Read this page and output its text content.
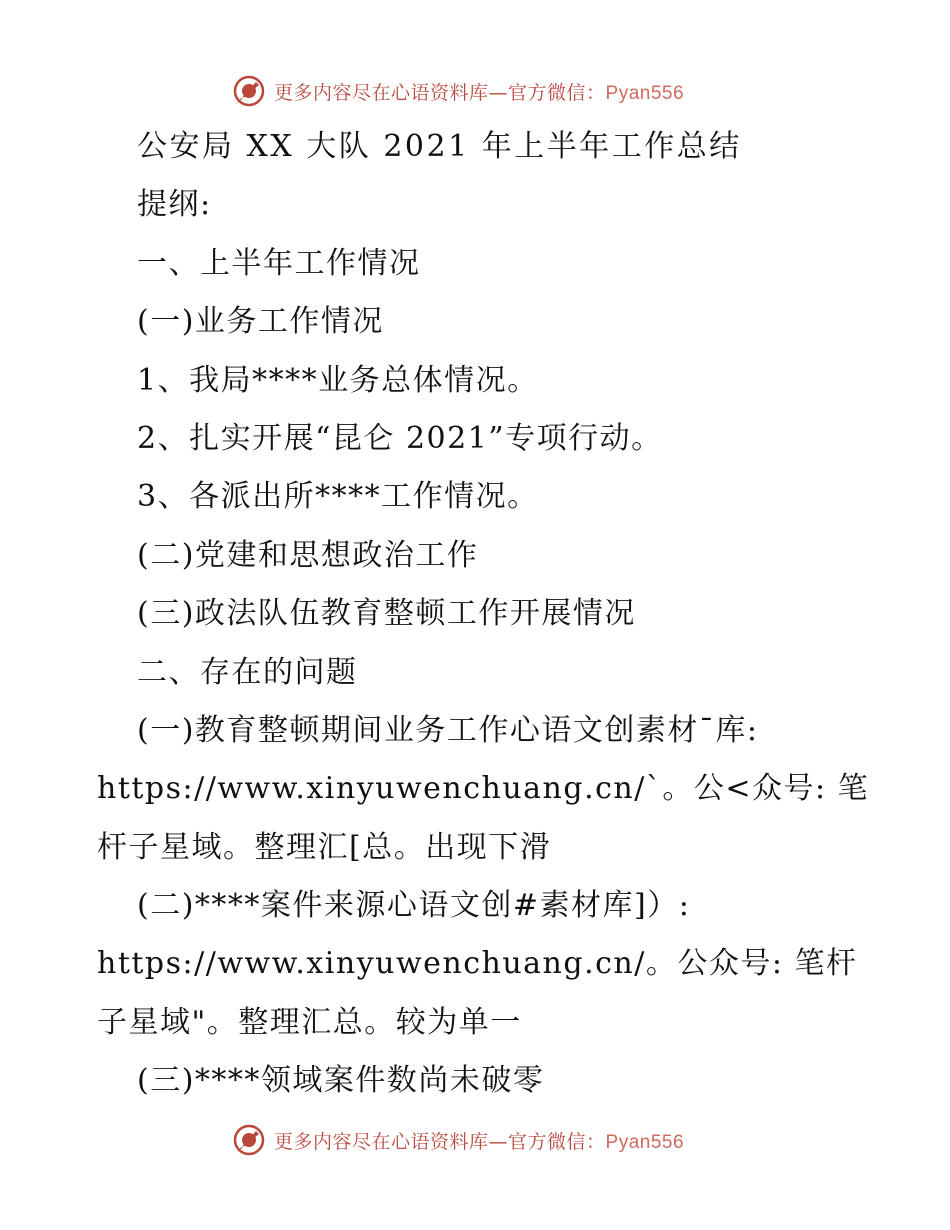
更多内容尽在心语资料库—官方微信：Pyan556
公安局 XX 大队 2021 年上半年工作总结
提纲:
一、上半年工作情况
(一)业务工作情况
1、我局****业务总体情况。
2、扎实开展“昆仑 2021”专项行动。
3、各派出所****工作情况。
(二)党建和思想政治工作
(三)政法队伍教育整顿工作开展情况
二、存在的问题
(一)教育整顿期间业务工作心语文创素材¯库:
https://www.xinyuwenchuang.cn/`。公<众号: 笔
杆子星域。整理汇[总。出现下滑
(二)****案件来源心语文创#素材库]）:
https://www.xinyuwenchuang.cn/。公众号: 笔杆
子星域"。整理汇总。较为单一
(三)****领域案件数尚未破零
更多内容尽在心语资料库—官方微信：Pyan556
